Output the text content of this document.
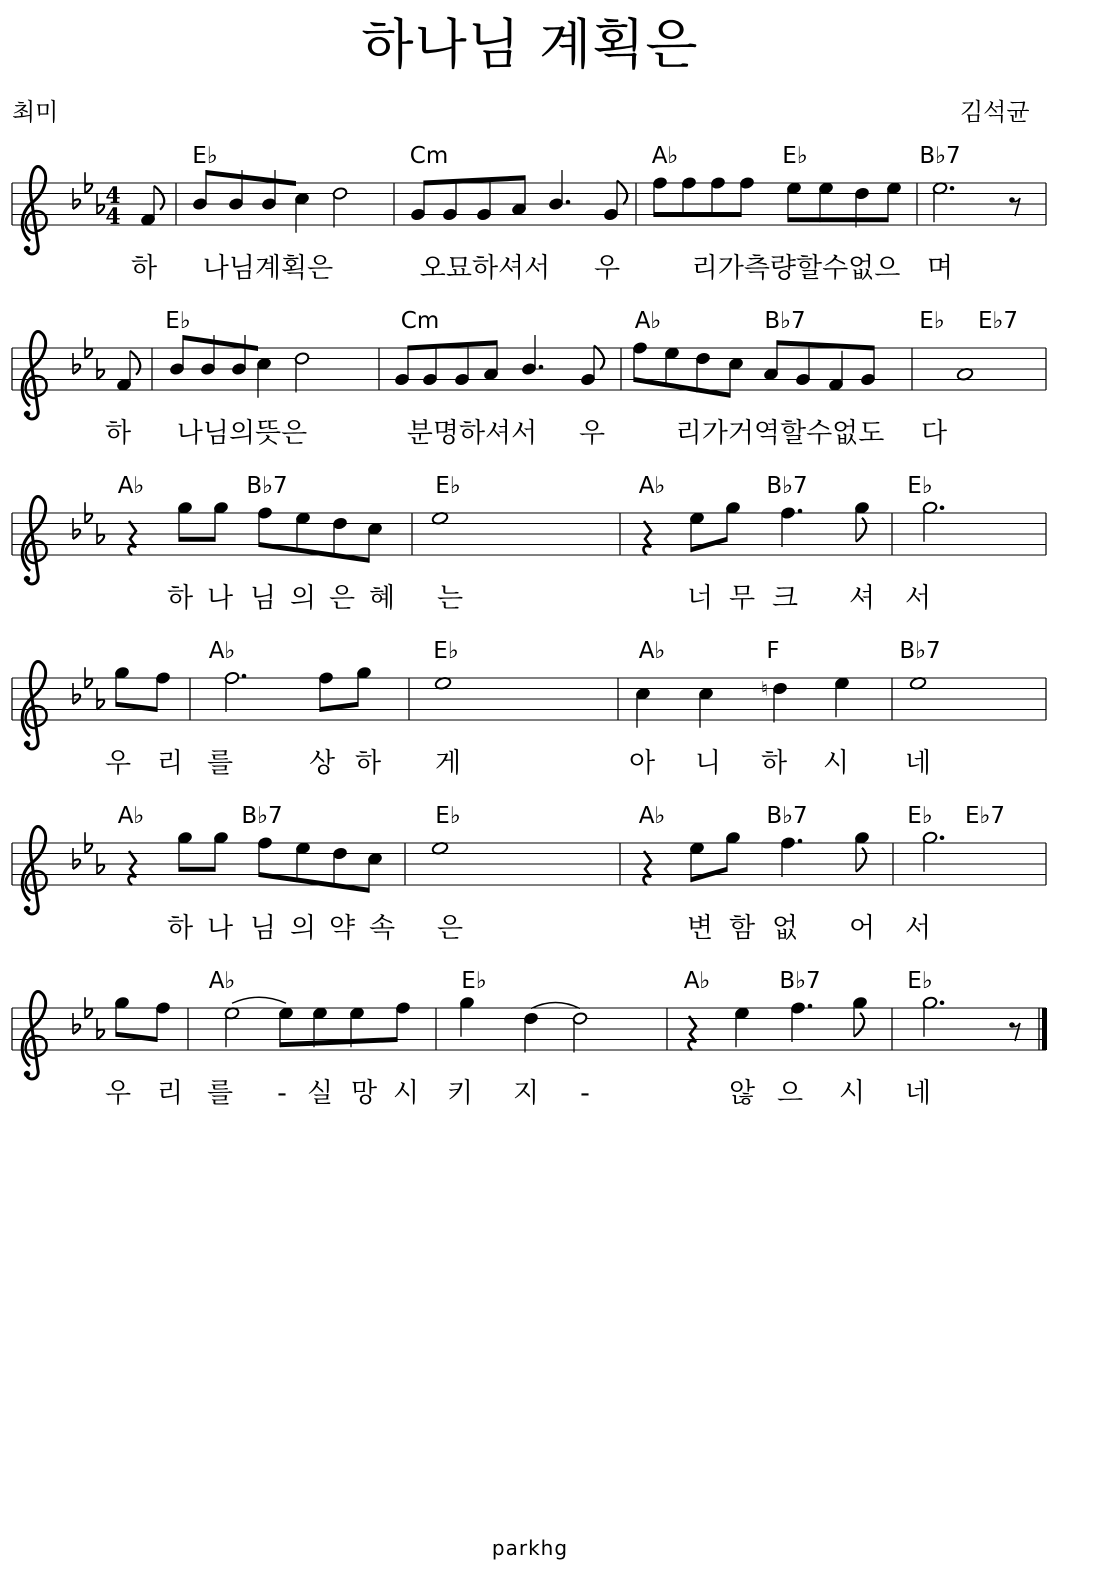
하나님 계획은
최미	김석균
4
4
E♭	Cm	A♭	E♭	B♭7
하 나님계획은	오묘하셔서 우	리가측량할수없으 며
E♭	Cm	A♭	B♭7	E♭ E♭7
하 나님의뜻은	분명하셔서 우	리가거역할수없도 다
A♭	B♭7	E♭	A♭	B♭7	E♭
하 나 님 의 은 혜 는	너 무 크 셔 서
♮
A♭	E♭	A♭	F	B♭7
우 리 를	상 하 게	아 니 하 시 네
A♭	B♭7	E♭	A♭	B♭7	E♭ E♭7
하 나 님 의 약 속 은	변 함 없 어 서
A♭	E♭	A♭	B♭7	E♭
우 리 를 - 실 망 시 키 지 -	않 으 시 네
parkhg
